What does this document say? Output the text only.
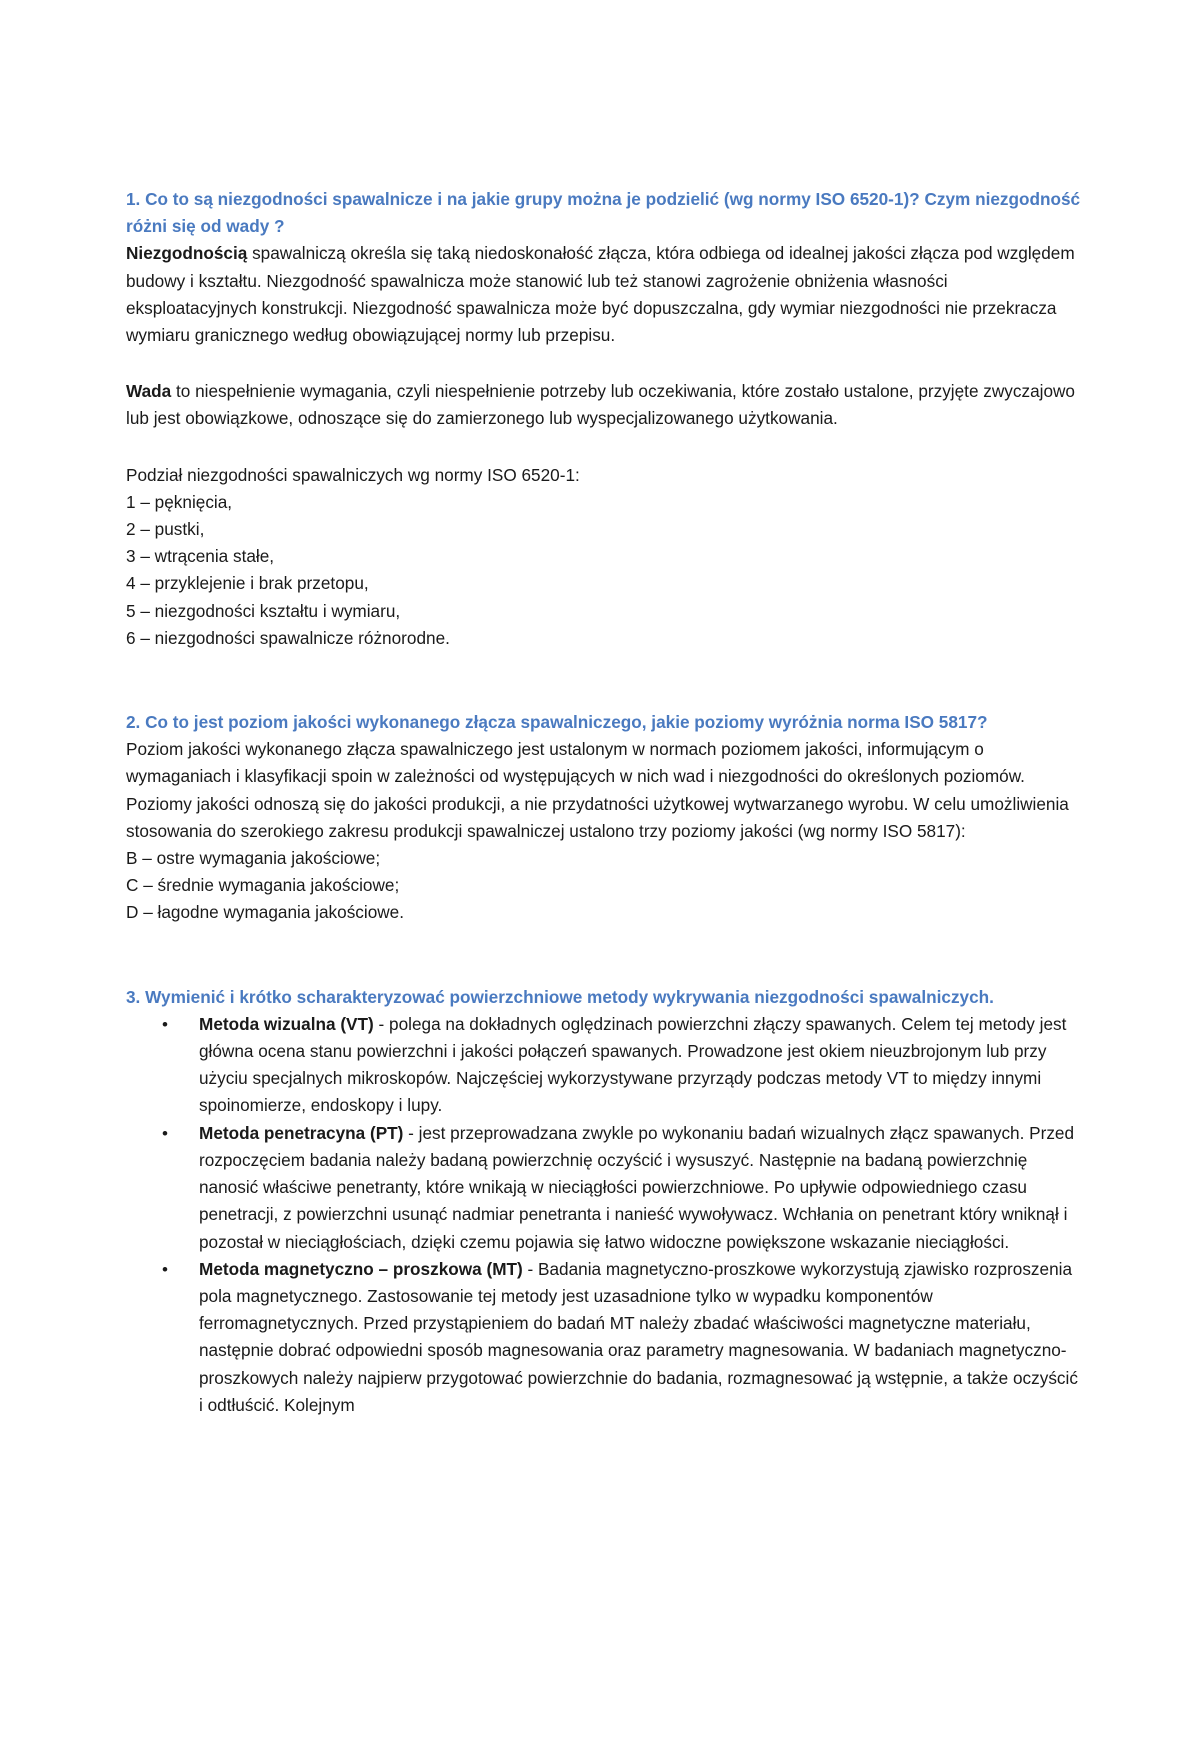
1. Co to są niezgodności spawalnicze i na jakie grupy można je podzielić (wg normy ISO 6520-1)? Czym niezgodność różni się od wady ?

Niezgodnością spawalniczą określa się taką niedoskonałość złącza, która odbiega od idealnej jakości złącza pod względem budowy i kształtu. Niezgodność spawalnicza może stanowić lub też stanowi zagrożenie obniżenia własności eksploatacyjnych konstrukcji. Niezgodność spawalnicza może być dopuszczalna, gdy wymiar niezgodności nie przekracza wymiaru granicznego według obowiązującej normy lub przepisu.

Wada to niespełnienie wymagania, czyli niespełnienie potrzeby lub oczekiwania, które zostało ustalone, przyjęte zwyczajowo lub jest obowiązkowe, odnoszące się do zamierzonego lub wyspecjalizowanego użytkowania.

Podział niezgodności spawalniczych wg normy ISO 6520-1:

1 – pęknięcia,
2 – pustki,
3 – wtrącenia stałe,
4 – przyklejenie i brak przetopu,
5 – niezgodności kształtu i wymiaru,
6 – niezgodności spawalnicze różnorodne.

2. Co to jest poziom jakości wykonanego złącza spawalniczego, jakie poziomy wyróżnia norma ISO 5817?

Poziom jakości wykonanego złącza spawalniczego jest ustalonym w normach poziomem jakości, informującym o wymaganiach i klasyfikacji spoin w zależności od występujących w nich wad i niezgodności do określonych poziomów. Poziomy jakości odnoszą się do jakości produkcji, a nie przydatności użytkowej wytwarzanego wyrobu. W celu umożliwienia stosowania do szerokiego zakresu produkcji spawalniczej ustalono trzy poziomy jakości (wg normy ISO 5817):

B – ostre wymagania jakościowe;
C – średnie wymagania jakościowe;
D – łagodne wymagania jakościowe.

3. Wymienić i krótko scharakteryzować powierzchniowe metody wykrywania niezgodności spawalniczych.

• Metoda wizualna (VT) - polega na dokładnych oględzinach powierzchni złączy spawanych. Celem tej metody jest główna ocena stanu powierzchni i jakości połączeń spawanych. Prowadzone jest okiem nieuzbrojonym lub przy użyciu specjalnych mikroskopów. Najczęściej wykorzystywane przyrządy podczas metody VT to między innymi spoinomierze, endoskopy i lupy.
• Metoda penetracyna (PT) - jest przeprowadzana zwykle po wykonaniu badań wizualnych złącz spawanych. Przed rozpoczęciem badania należy badaną powierzchnię oczyścić i wysuszyć. Następnie na badaną powierzchnię nanosić właściwe penetranty, które wnikają w nieciągłości powierzchniowe. Po upływie odpowiedniego czasu penetracji, z powierzchni usunąć nadmiar penetranta i nanieść wywoływacz. Wchłania on penetrant który wniknął i pozostał w nieciągłościach, dzięki czemu pojawia się łatwo widoczne powiększone wskazanie nieciągłości.
• Metoda magnetyczno – proszkowa (MT) - Badania magnetyczno-proszkowe wykorzystują zjawisko rozproszenia pola magnetycznego. Zastosowanie tej metody jest uzasadnione tylko w wypadku komponentów ferromagnetycznych. Przed przystąpieniem do badań MT należy zbadać właściwości magnetyczne materiału, następnie dobrać odpowiedni sposób magnesowania oraz parametry magnesowania. W badaniach magnetyczno-proszkowych należy najpierw przygotować powierzchnie do badania, rozmagnesować ją wstępnie, a także oczyścić i odtłuścić. Kolejnym
